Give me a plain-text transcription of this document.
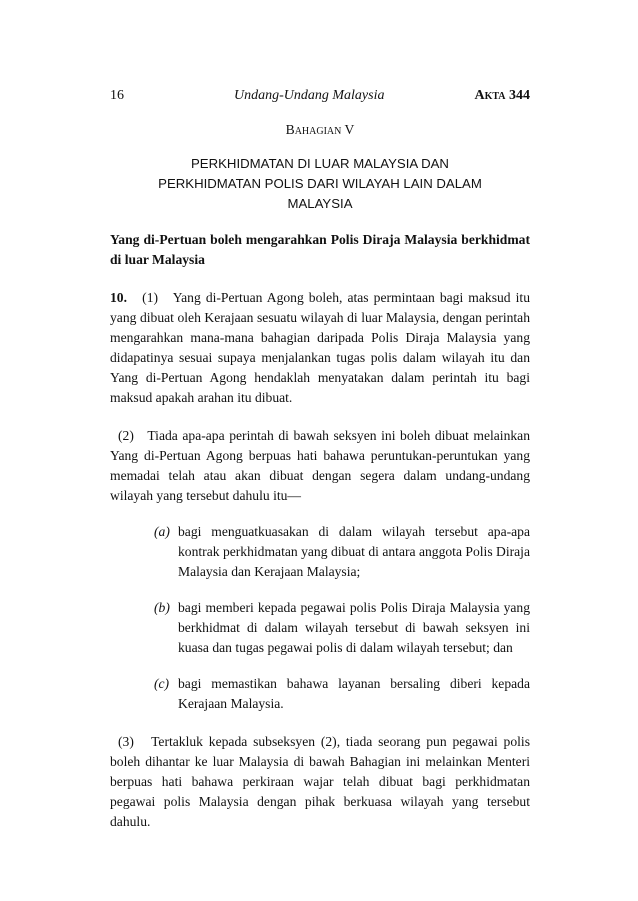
16	Undang-Undang Malaysia	Akta 344
Bahagian V
PERKHIDMATAN DI LUAR MALAYSIA DAN
PERKHIDMATAN POLIS DARI WILAYAH LAIN DALAM
MALAYSIA
Yang di-Pertuan boleh mengarahkan Polis Diraja Malaysia berkhidmat di luar Malaysia
10. (1) Yang di-Pertuan Agong boleh, atas permintaan bagi maksud itu yang dibuat oleh Kerajaan sesuatu wilayah di luar Malaysia, dengan perintah mengarahkan mana-mana bahagian daripada Polis Diraja Malaysia yang didapatinya sesuai supaya menjalankan tugas polis dalam wilayah itu dan Yang di-Pertuan Agong hendaklah menyatakan dalam perintah itu bagi maksud apakah arahan itu dibuat.
(2) Tiada apa-apa perintah di bawah seksyen ini boleh dibuat melainkan Yang di-Pertuan Agong berpuas hati bahawa peruntukan-peruntukan yang memadai telah atau akan dibuat dengan segera dalam undang-undang wilayah yang tersebut dahulu itu—
(a) bagi menguatkuasakan di dalam wilayah tersebut apa-apa kontrak perkhidmatan yang dibuat di antara anggota Polis Diraja Malaysia dan Kerajaan Malaysia;
(b) bagi memberi kepada pegawai polis Polis Diraja Malaysia yang berkhidmat di dalam wilayah tersebut di bawah seksyen ini kuasa dan tugas pegawai polis di dalam wilayah tersebut; dan
(c) bagi memastikan bahawa layanan bersaling diberi kepada Kerajaan Malaysia.
(3) Tertakluk kepada subseksyen (2), tiada seorang pun pegawai polis boleh dihantar ke luar Malaysia di bawah Bahagian ini melainkan Menteri berpuas hati bahawa perkiraan wajar telah dibuat bagi perkhidmatan pegawai polis Malaysia dengan pihak berkuasa wilayah yang tersebut dahulu.
